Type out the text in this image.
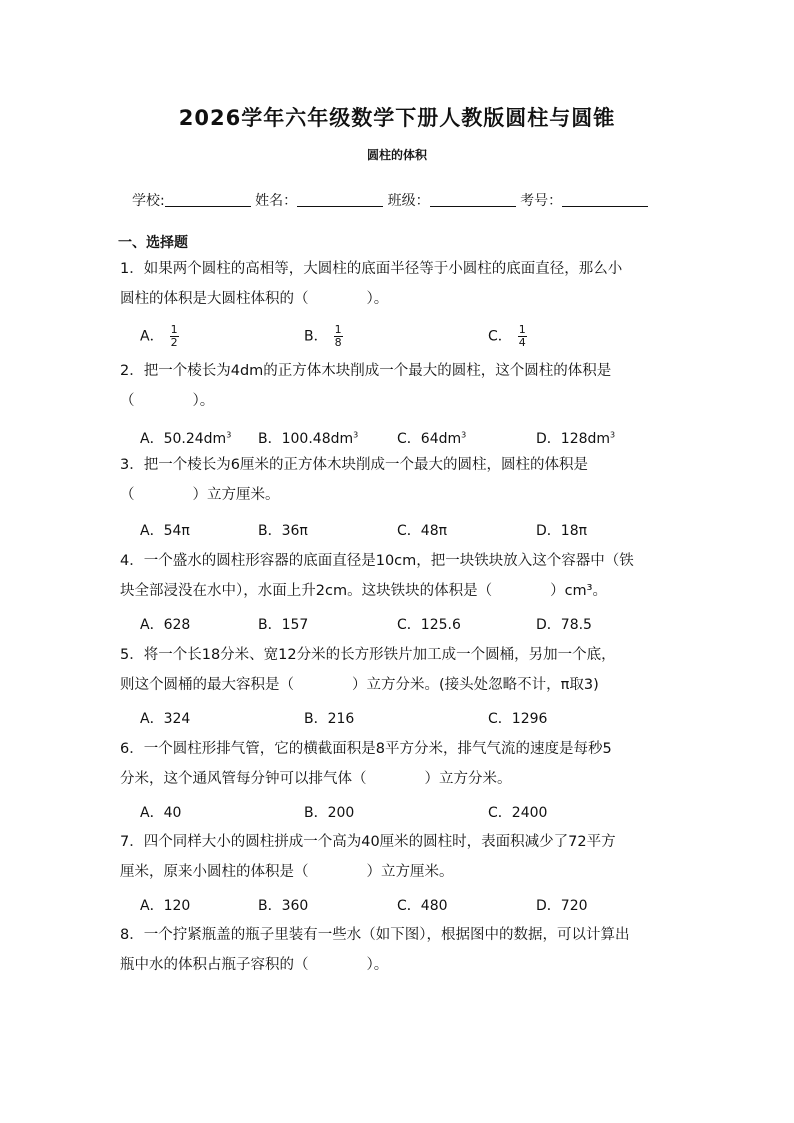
2026学年六年级数学下册人教版圆柱与圆锥
圆柱的体积
学校:	姓名：	班级：	考号：
一、选择题
1．如果两个圆柱的高相等，大圆柱的底面半径等于小圆柱的底面直径，那么小
圆柱的体积是大圆柱体积的（　　　　）。
A． $\frac{1}{2}$	B． $\frac{1}{8}$	C． $\frac{1}{4}$
2．把一个棱长为4dm的正方体木块削成一个最大的圆柱，这个圆柱的体积是
（　　　　）。
A．$50.24dm^3$ B．$100.48dm^3$	C．$64dm^3$	D．$128dm^3$
3．把一个棱长为6厘米的正方体木块削成一个最大的圆柱，圆柱的体积是
（　　　　）立方厘米。
A．54π	B．36π	C．48π	D．18π
4．一个盛水的圆柱形容器的底面直径是10cm，把一块铁块放入这个容器中（铁
块全部浸没在水中），水面上升2cm。这块铁块的体积是（　　　　）cm³。
A．628	B．157	C．125.6	D．78.5
5．将一个长18分米、宽12分米的长方形铁片加工成一个圆桶，另加一个底，
则这个圆桶的最大容积是（　　　　）立方分米。(接头处忽略不计，π取3)
A．324	B．216	C．1296
6．一个圆柱形排气管，它的横截面积是8平方分米，排气气流的速度是每秒5
分米，这个通风管每分钟可以排气体（　　　　）立方分米。
A．40	B．200	C．2400
7．四个同样大小的圆柱拼成一个高为40厘米的圆柱时，表面积减少了72平方
厘米，原来小圆柱的体积是（　　　　）立方厘米。
A．120	B．360	C．480	D．720
8．一个拧紧瓶盖的瓶子里装有一些水（如下图），根据图中的数据，可以计算出
瓶中水的体积占瓶子容积的（　　　　）。
